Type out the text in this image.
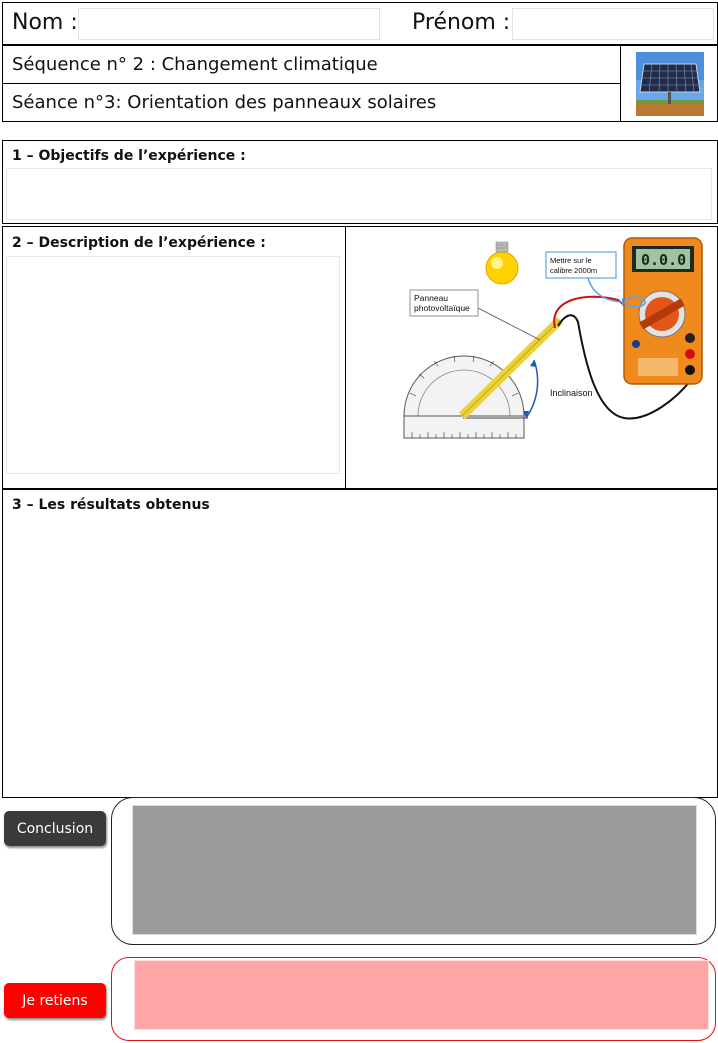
Nom :	Prénom :
Séquence n° 2 : Changement climatique
Séance n°3: Orientation des panneaux solaires
1 – Objectifs de l’expérience :
2 – Description de l’expérience :
Inclinaison
Panneau
photovoltaïque
Mettre sur le
calibre 2000m
0.0.0
3 – Les résultats obtenus
Conclusion
Je retiens
